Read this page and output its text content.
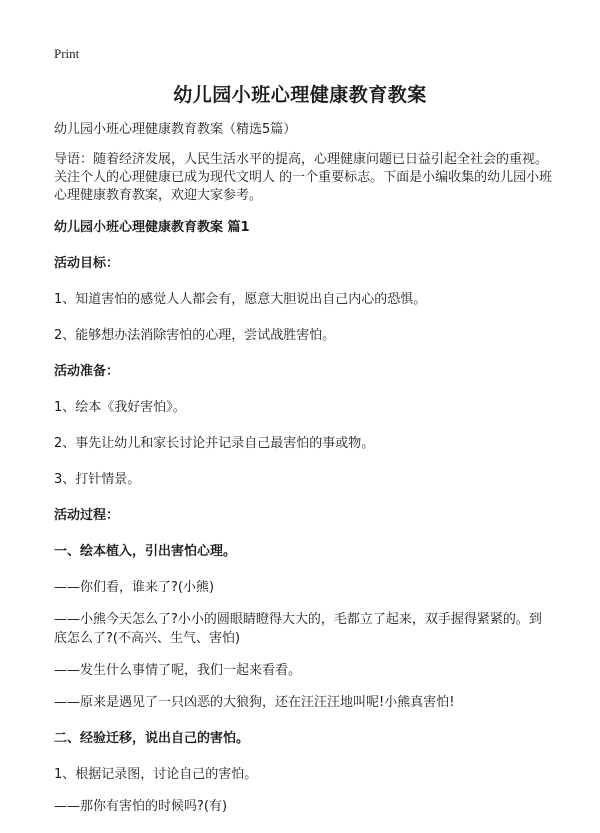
Print
幼儿园小班心理健康教育教案
幼儿园小班心理健康教育教案（精选5篇）
导语：随着经济发展，人民生活水平的提高，心理健康问题已日益引起全社会的重视。关注个人的心理健康已成为现代文明人 的一个重要标志。下面是小编收集的幼儿园小班心理健康教育教案，欢迎大家参考。
幼儿园小班心理健康教育教案 篇1
活动目标：
1、知道害怕的感觉人人都会有，愿意大胆说出自己内心的恐惧。
2、能够想办法消除害怕的心理，尝试战胜害怕。
活动准备：
1、绘本《我好害怕》。
2、事先让幼儿和家长讨论并记录自己最害怕的事或物。
3、打针情景。
活动过程：
一、绘本植入，引出害怕心理。
——你们看，谁来了?(小熊)
——小熊今天怎么了?小小的圆眼睛瞪得大大的，毛都立了起来，双手握得紧紧的。到底怎么了?(不高兴、生气、害怕)
——发生什么事情了呢，我们一起来看看。
——原来是遇见了一只凶恶的大狼狗，还在汪汪汪地叫呢!小熊真害怕!
二、经验迁移，说出自己的害怕。
1、根据记录图，讨论自己的害怕。
——那你有害怕的时候吗?(有)
